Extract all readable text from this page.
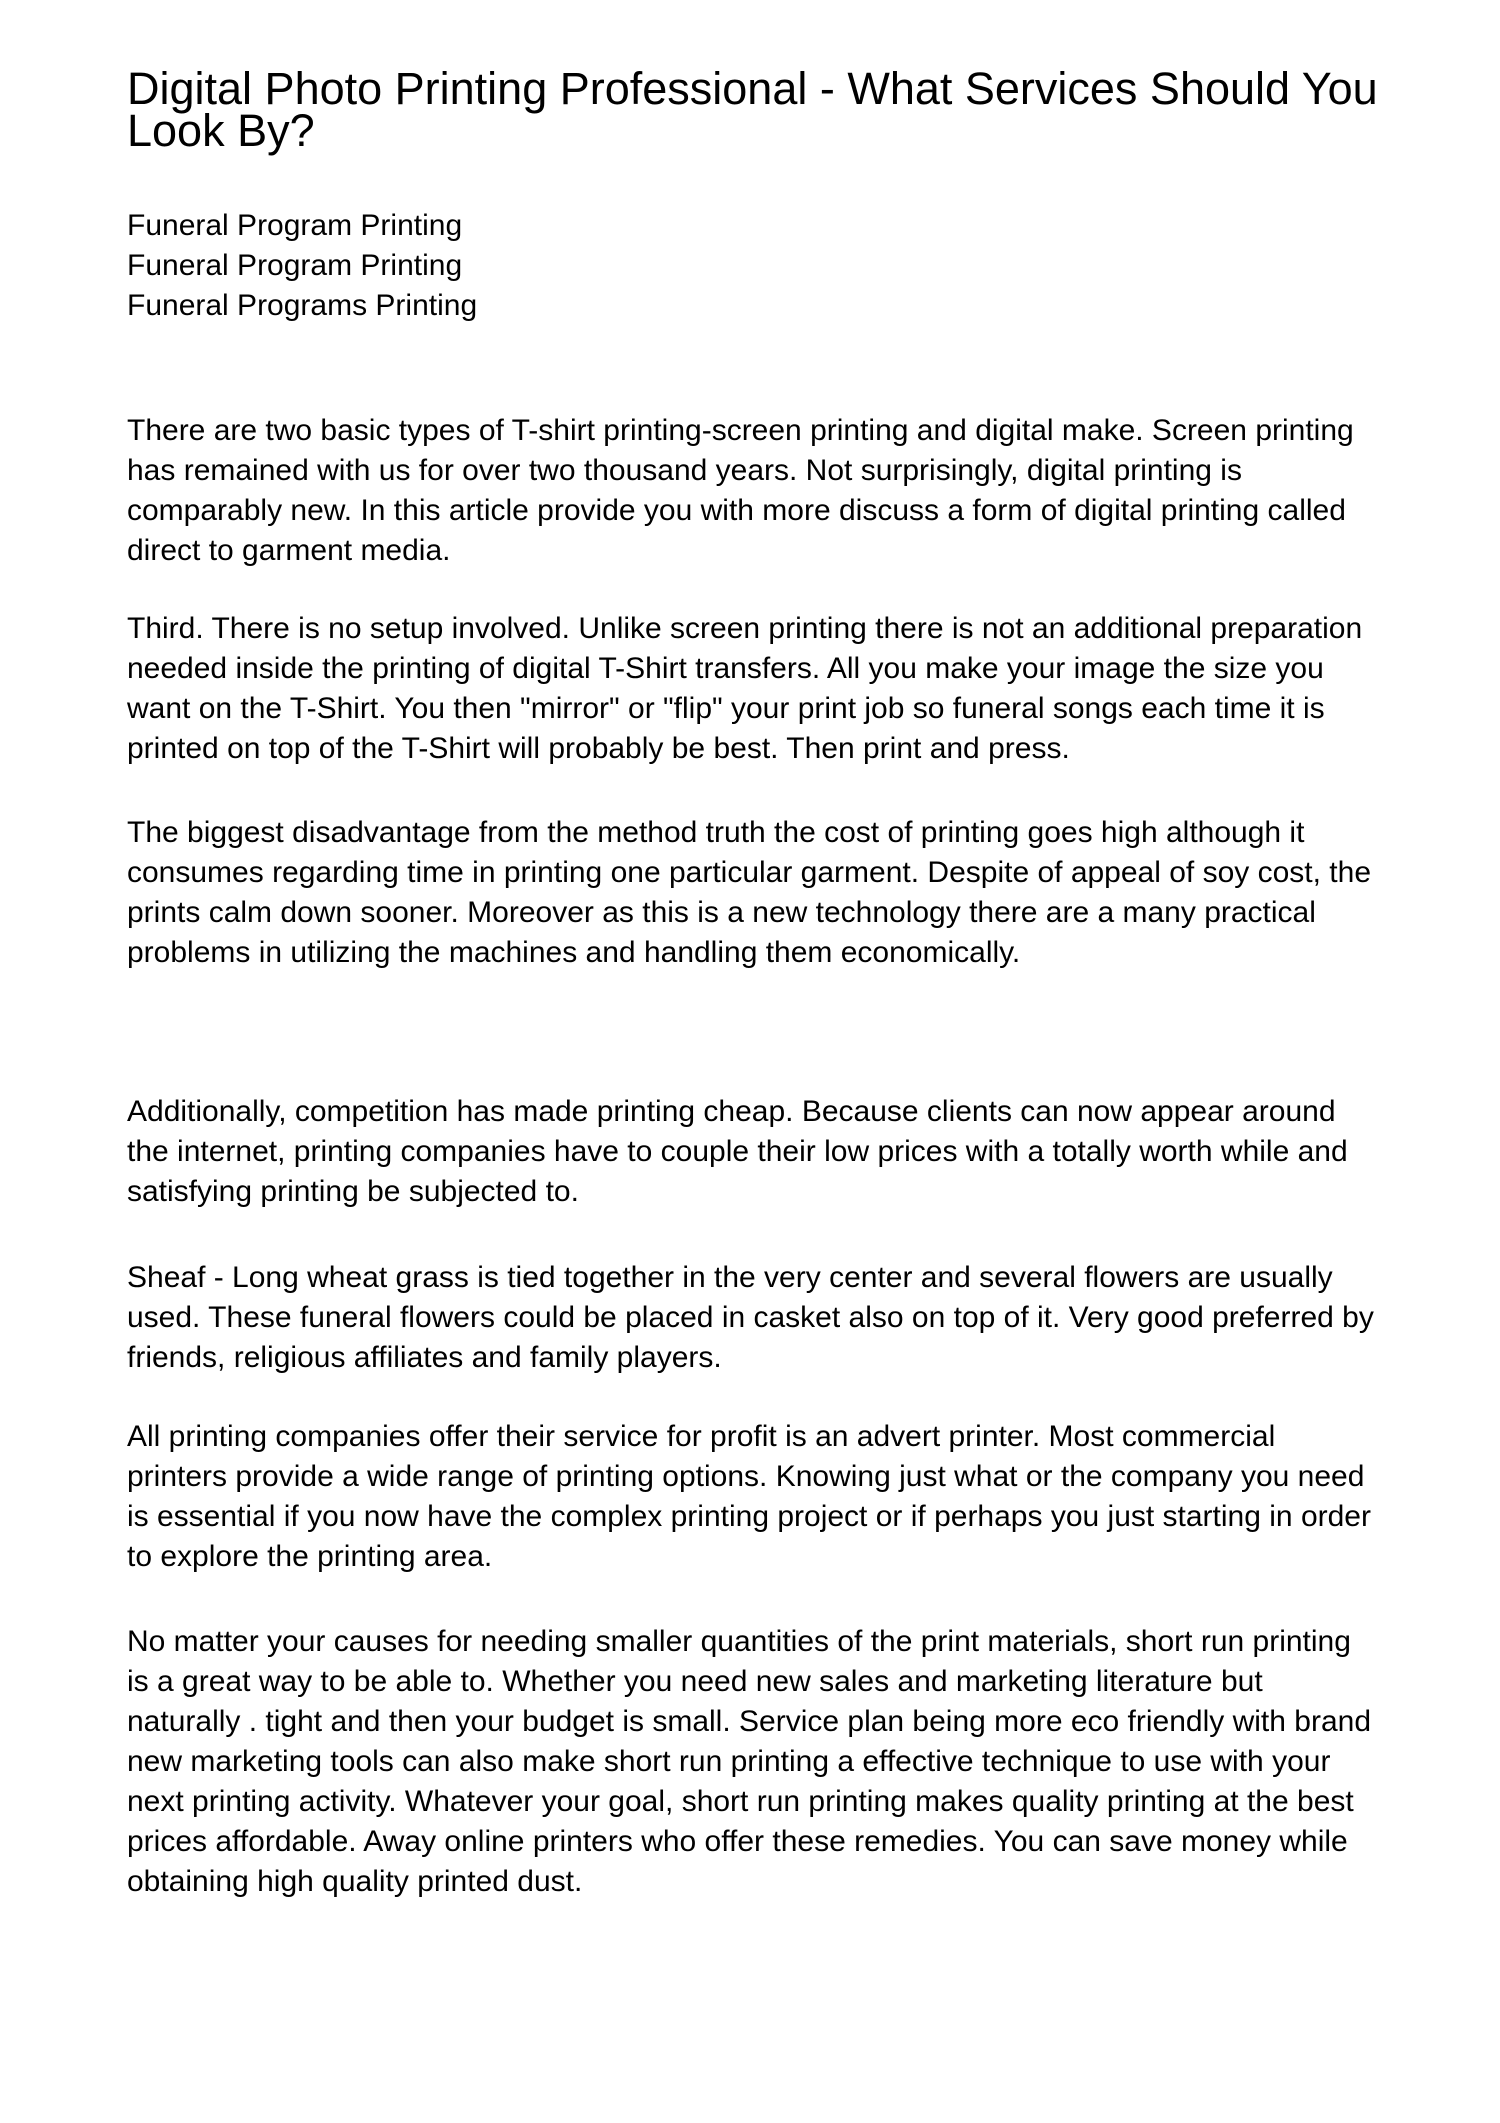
Digital Photo Printing Professional - What Services Should You Look By?
Funeral Program Printing
Funeral Program Printing
Funeral Programs Printing

There are two basic types of T-shirt printing-screen printing and digital make. Screen printing has remained with us for over two thousand years. Not surprisingly, digital printing is comparably new. In this article provide you with more discuss a form of digital printing called direct to garment media.

Third. There is no setup involved. Unlike screen printing there is not an additional preparation needed inside the printing of digital T-Shirt transfers. All you make your image the size you want on the T-Shirt. You then "mirror" or "flip" your print job so funeral songs each time it is printed on top of the T-Shirt will probably be best. Then print and press.

The biggest disadvantage from the method truth the cost of printing goes high although it consumes regarding time in printing one particular garment. Despite of appeal of soy cost, the prints calm down sooner. Moreover as this is a new technology there are a many practical problems in utilizing the machines and handling them economically.

Additionally, competition has made printing cheap. Because clients can now appear around the internet, printing companies have to couple their low prices with a totally worth while and satisfying printing be subjected to.

Sheaf - Long wheat grass is tied together in the very center and several flowers are usually used. These funeral flowers could be placed in casket also on top of it. Very good preferred by friends, religious affiliates and family players.

All printing companies offer their service for profit is an advert printer. Most commercial printers provide a wide range of printing options. Knowing just what or the company you need is essential if you now have the complex printing project or if perhaps you just starting in order to explore the printing area.

No matter your causes for needing smaller quantities of the print materials, short run printing is a great way to be able to. Whether you need new sales and marketing literature but naturally . tight and then your budget is small. Service plan being more eco friendly with brand new marketing tools can also make short run printing a effective technique to use with your next printing activity. Whatever your goal, short run printing makes quality printing at the best prices affordable. Away online printers who offer these remedies. You can save money while obtaining high quality printed dust.
